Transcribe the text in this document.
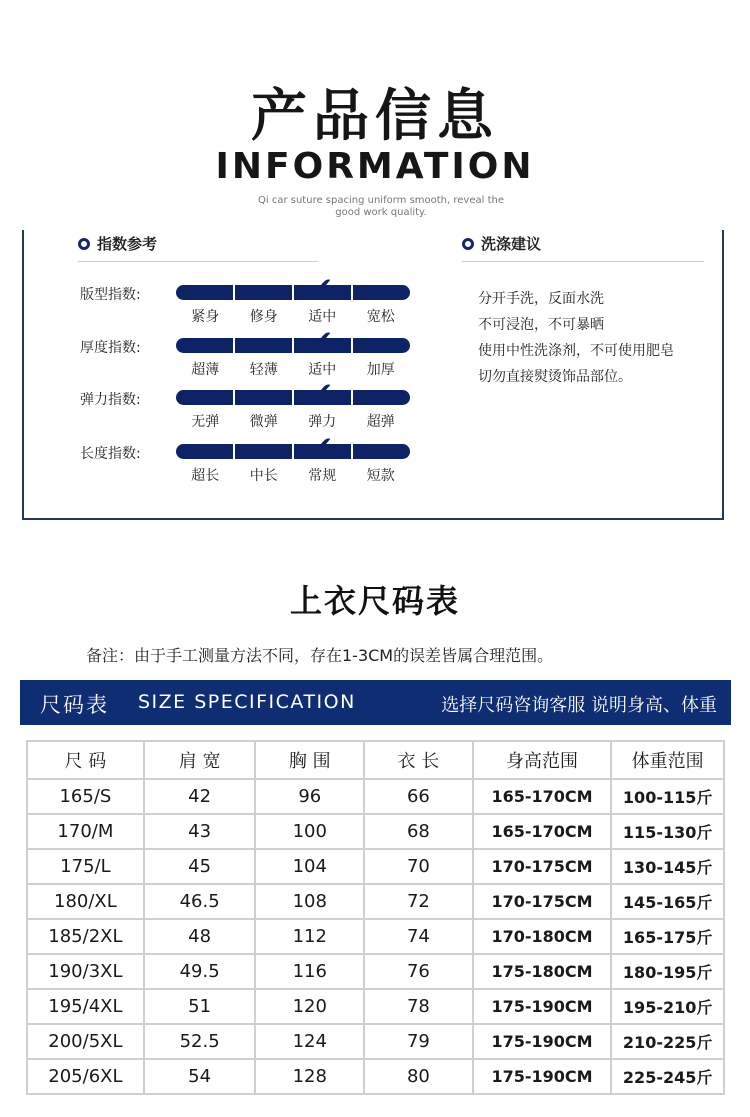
产品信息
INFORMATION
Qi car suture spacing uniform smooth, reveal the good work quality.
指数参考	洗涤建议
版型指数:
紧身	修身	适中	宽松
✔
厚度指数:
超薄	轻薄	适中	加厚
✔
弹力指数:
无弹	微弹	弹力	超弹
✔
长度指数:
超长	中长	常规	短款
✔
分开手洗，反面水洗
不可浸泡，不可暴晒
使用中性洗涤剂，不可使用肥皂
切勿直接熨烫饰品部位。
上衣尺码表
备注：由于手工测量方法不同，存在1-3CM的误差皆属合理范围。
尺码表 SIZE SPECIFICATION	选择尺码咨询客服 说明身高、体重
尺 码	肩 宽	胸 围	衣 长	身高范围	体重范围
165/S	42	96	66	165-170CM	100-115斤
170/M	43	100	68	165-170CM	115-130斤
175/L	45	104	70	170-175CM	130-145斤
180/XL	46.5	108	72	170-175CM	145-165斤
185/2XL	48	112	74	170-180CM	165-175斤
190/3XL	49.5	116	76	175-180CM	180-195斤
195/4XL	51	120	78	175-190CM	195-210斤
200/5XL	52.5	124	79	175-190CM	210-225斤
205/6XL	54	128	80	175-190CM	225-245斤
